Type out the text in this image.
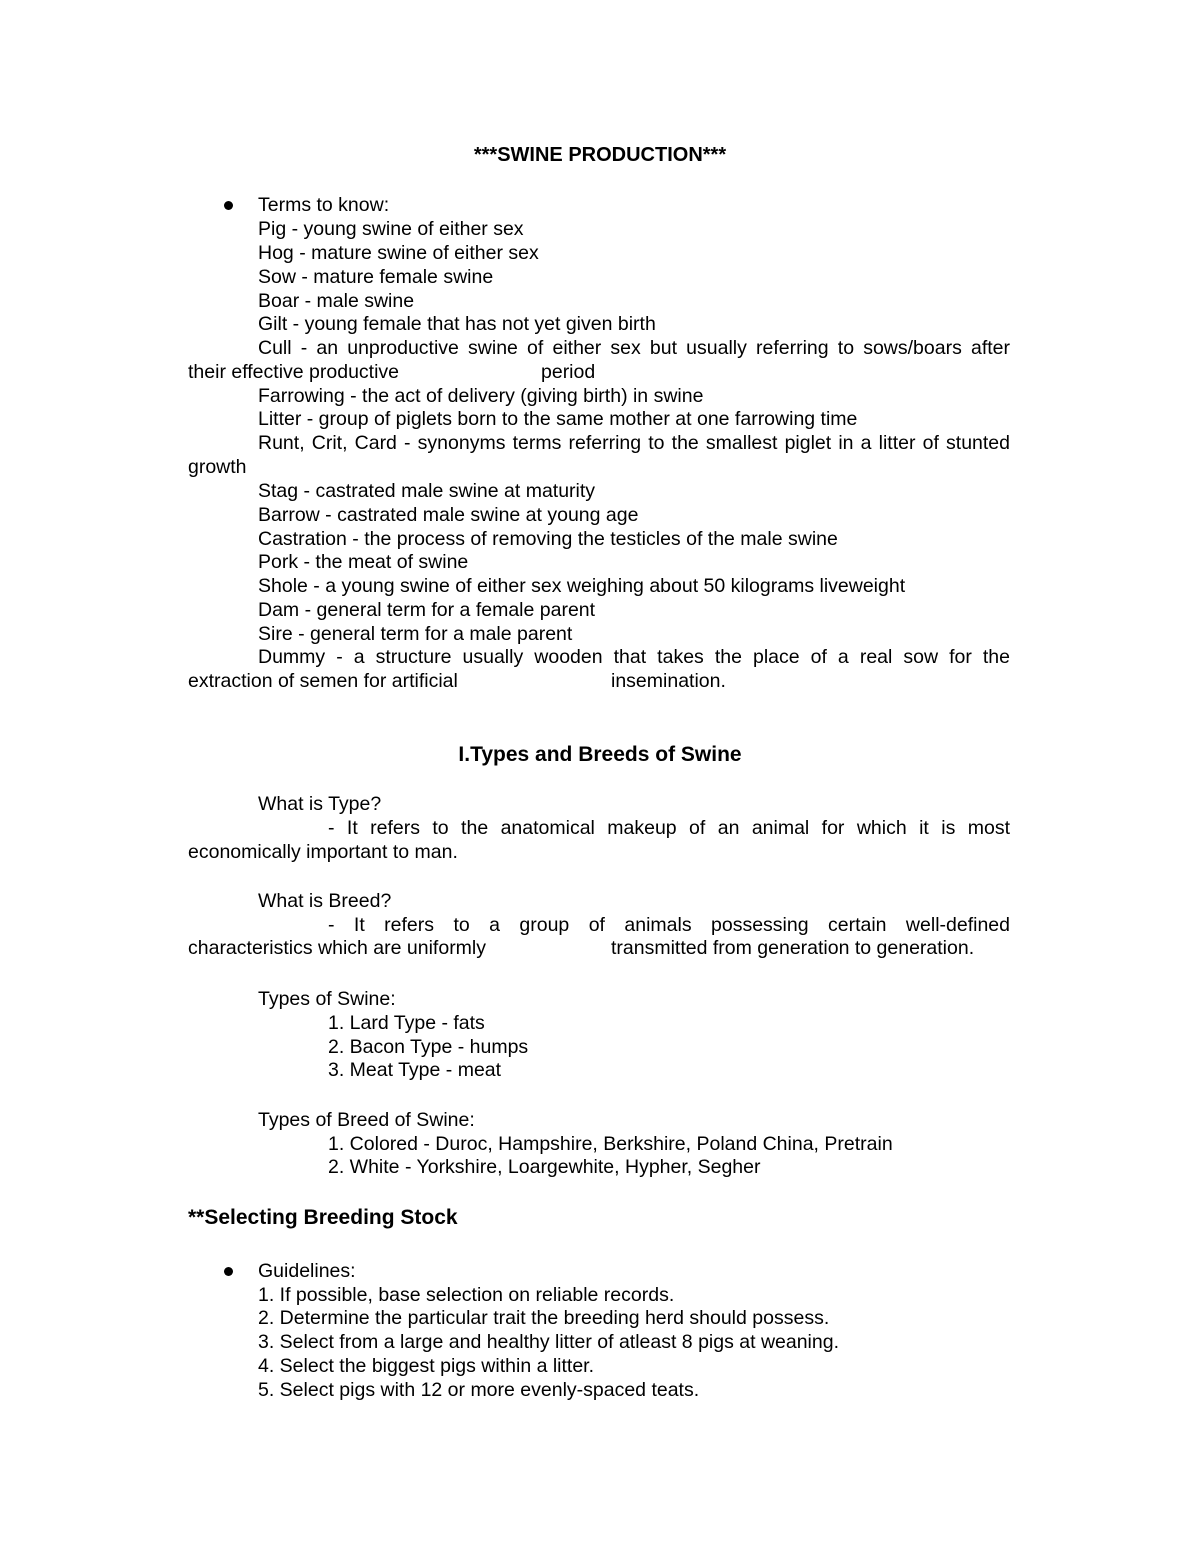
***SWINE PRODUCTION***
Terms to know:
Pig - young swine of either sex
Hog - mature swine of either sex
Sow - mature female swine
Boar - male swine
Gilt - young female that has not yet given birth
Cull - an unproductive swine of either sex but usually referring to sows/boars after
their effective productive	period
Farrowing - the act of delivery (giving birth) in swine
Litter - group of piglets born to the same mother at one farrowing time
Runt, Crit, Card - synonyms terms referring to the smallest piglet in a litter of stunted growth
Stag - castrated male swine at maturity
Barrow - castrated male swine at young age
Castration - the process of removing the testicles of the male swine
Pork - the meat of swine
Shole - a young swine of either sex weighing about 50 kilograms liveweight
Dam - general term for a female parent
Sire - general term for a male parent
Dummy - a structure usually wooden that takes the place of a real sow for the
extraction of semen for artificial	insemination.
I.Types and Breeds of Swine
What is Type?
- It refers to the anatomical makeup of an animal for which it is most economically important to man.
What is Breed?
- It refers to a group of animals possessing certain well-defined
characteristics which are uniformly	transmitted from generation to generation.
Types of Swine:
1. Lard Type - fats
2. Bacon Type - humps
3. Meat Type - meat
Types of Breed of Swine:
1. Colored - Duroc, Hampshire, Berkshire, Poland China, Pretrain
2. White - Yorkshire, Loargewhite, Hypher, Segher
**Selecting Breeding Stock
Guidelines:
1. If possible, base selection on reliable records.
2. Determine the particular trait the breeding herd should possess.
3. Select from a large and healthy litter of atleast 8 pigs at weaning.
4. Select the biggest pigs within a litter.
5. Select pigs with 12 or more evenly-spaced teats.
